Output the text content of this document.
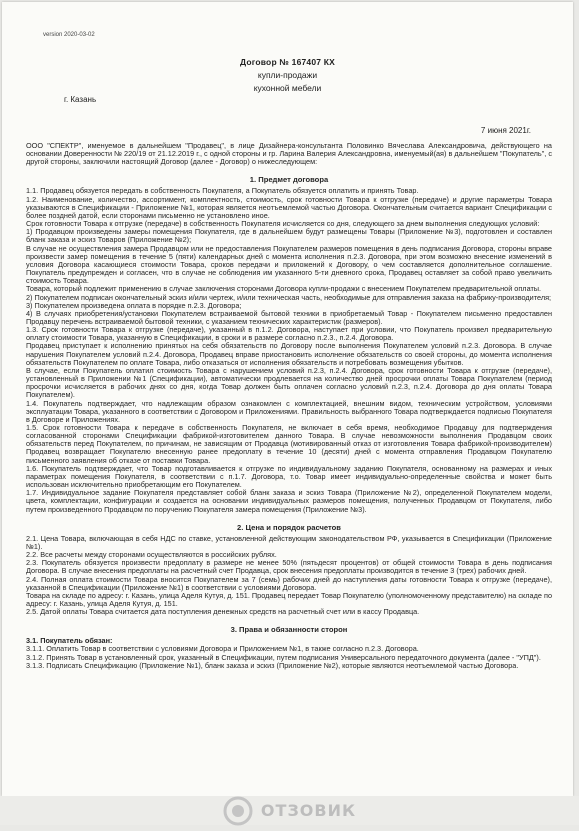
version 2020-03-02
Договор № 167407 КХ
купли-продажи
кухонной мебели
г. Казань
7 июня 2021г.

ООО "СПЕКТР", именуемое в дальнейшем "Продавец", в лице Дизайнера-консультанта Половинко Вячеслава Александровича, действующего на основании Доверенности № 220/19 от 21.12.2019 г., с одной стороны и гр. Ларина Валерия Александровна, именуемый(ая) в дальнейшем "Покупатель", с другой стороны, заключили настоящий Договор (далее - Договор) о нижеследующем:

1. Предмет договора

1.1. Продавец обязуется передать в собственность Покупателя, а Покупатель обязуется оплатить и принять Товар.

1.2. Наименование, количество, ассортимент, комплектность, стоимость, срок готовности Товара к отгрузке (передаче) и другие параметры Товара указываются в Спецификации - Приложение №1, которая является неотъемлемой частью Договора. Окончательным считается вариант Спецификации с более поздней датой, если сторонами письменно не установлено иное.

Срок готовности Товара к отгрузке (передаче) в собственность Покупателя исчисляется со дня, следующего за днем выполнения следующих условий:

1) Продавцом произведены замеры помещения Покупателя, где в дальнейшем будут размещены Товары (Приложение №3), подготовлен и составлен бланк заказа и эскиз Товаров (Приложение №2);

В случае не осуществления замера Продавцом или не предоставления Покупателем размеров помещения в день подписания Договора, стороны вправе произвести замер помещения в течение 5 (пяти) календарных дней с момента исполнения п.2.3. Договора, при этом возможно внесение изменений в условия Договора касающиеся стоимости Товара, сроков передачи и приложений к Договору, о чем составляется дополнительное соглашение. Покупатель предупрежден и согласен, что в случае не соблюдения им указанного 5-ти дневного срока, Продавец оставляет за собой право увеличить стоимость Товара.

Товара, который подлежит применению в случае заключения сторонами Договора купли-продажи с внесением Покупателем предварительной оплаты.

2) Покупателем подписан окончательный эскиз и/или чертеж, и/или техническая часть, необходимые для отправления заказа на фабрику-производителя;

3) Покупателем произведена оплата в порядке п.2.3. Договора;

4) В случаях приобретения/установки Покупателем встраиваемой бытовой техники в приобретаемый Товар - Покупателем письменно предоставлен Продавцу перечень встраиваемой бытовой техники, с указанием технических характеристик (размеров).

1.3. Срок готовности Товара к отгрузке (передаче), указанный в п.1.2. Договора, наступает при условии, что Покупатель произвел предварительную оплату стоимости Товара, указанную в Спецификации, в сроки и в размере согласно п.2.3., п.2.4. Договора.

Продавец приступает к исполнению принятых на себя обязательств по Договору после выполнения Покупателем условий п.2.3. Договора. В случае нарушения Покупателем условий п.2.4. Договора, Продавец вправе приостановить исполнение обязательств со своей стороны, до момента исполнения обязательств Покупателем по оплате Товара, либо отказаться от исполнения обязательств и потребовать возмещения убытков.

В случае, если Покупатель оплатил стоимость Товара с нарушением условий п.2.3, п.2.4. Договора, срок готовности Товара к отгрузке (передаче), установленный в Приложении №1 (Спецификации), автоматически продлевается на количество дней просрочки оплаты Товара Покупателем (период просрочки исчисляется в рабочих днях со дня, когда Товар должен быть оплачен согласно условий п.2.3, п.2.4. Договора до дня оплаты Товара Покупателем).

1.4. Покупатель подтверждает, что надлежащим образом ознакомлен с комплектацией, внешним видом, техническим устройством, условиями эксплуатации Товара, указанного в соответствии с Договором и Приложениями. Правильность выбранного Товара подтверждается подписью Покупателя в Договоре и Приложениях.

1.5. Срок готовности Товара к передаче в собственность Покупателя, не включает в себя время, необходимое Продавцу для подтверждения согласованной сторонами Спецификации фабрикой-изготовителем данного Товара. В случае невозможности выполнения Продавцом своих обязательств перед Покупателем, по причинам, не зависящим от Продавца (мотивированный отказ от изготовления Товара фабрикой-производителем) Продавец возвращает Покупателю внесенную ранее предоплату в течение 10 (десяти) дней с момента отправления Продавцом Покупателю письменного заявления об отказе от поставки Товара.

1.6. Покупатель подтверждает, что Товар подготавливается к отгрузке по индивидуальному заданию Покупателя, основанному на размерах и иных параметрах помещения Покупателя, в соответствии с п.1.7. Договора, т.о. Товар имеет индивидуально-определенные свойства и может быть использован исключительно приобретающим его Покупателем.

1.7. Индивидуальное задание Покупателя представляет собой бланк заказа и эскиз Товара (Приложение №2), определенной Покупателем модели, цвета, комплектации, конфигурации и создается на основании индивидуальных размеров помещения, полученных Продавцом от Покупателя, либо путем произведенного Продавцом по поручению Покупателя замера помещения (Приложение №3).

2. Цена и порядок расчетов

2.1. Цена Товара, включающая в себя НДС по ставке, установленной действующим законодательством РФ, указывается в Спецификации (Приложение №1).

2.2. Все расчеты между сторонами осуществляются в российских рублях.

2.3. Покупатель обязуется произвести предоплату в размере не менее 50% (пятьдесят процентов) от общей стоимости Товара в день подписания Договора. В случае внесения предоплаты на расчетный счет Продавца, срок внесения предоплаты производится в течение 3 (трех) рабочих дней.

2.4. Полная оплата стоимости Товара вносится Покупателем за 7 (семь) рабочих дней до наступления даты готовности Товара к отгрузке (передаче), указанной в Спецификации (Приложение №1) в соответствии с условиями Договора.

Товара на складе по адресу: г. Казань, улица Аделя Кутуя, д. 151. Продавец передает Товар Покупателю (уполномоченному представителю) на складе по адресу: г. Казань, улица Аделя Кутуя, д. 151.

2.5. Датой оплаты Товара считается дата поступления денежных средств на расчетный счет или в кассу Продавца.

3. Права и обязанности сторон

3.1. Покупатель обязан:

3.1.1. Оплатить Товар в соответствии с условиями Договора и Приложением №1, в также согласно п.2.3. Договора.

3.1.2. Принять Товар в установленный срок, указанный в Спецификации, путем подписания Универсального передаточного документа (далее - "УПД").

3.1.3. Подписать Спецификацию (Приложение №1), бланк заказа и эскиз (Приложение №2), которые являются неотъемлемой частью Договора.

ОТЗОВИК
